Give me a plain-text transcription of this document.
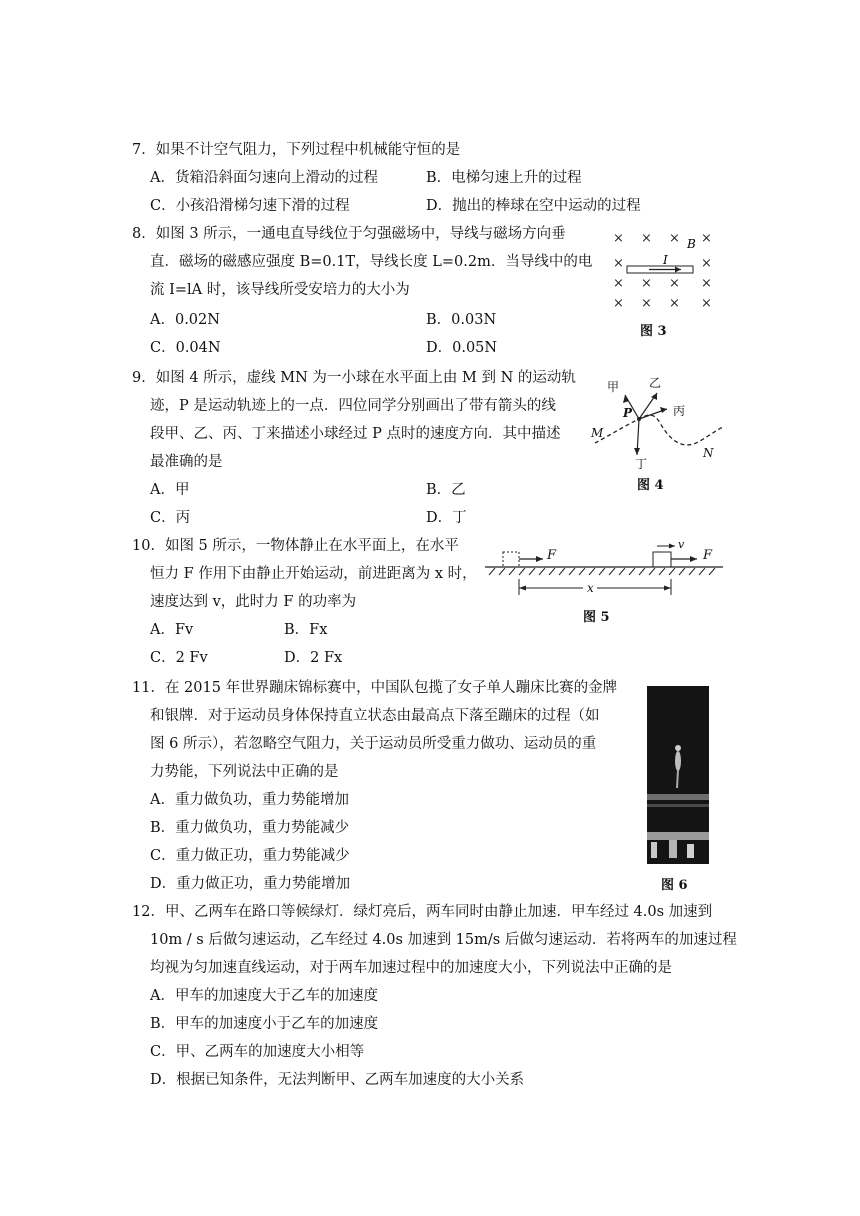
7．如果不计空气阻力，下列过程中机械能守恒的是
A．货箱沿斜面匀速向上滑动的过程	B．电梯匀速上升的过程
C．小孩沿滑梯匀速下滑的过程	D．抛出的棒球在空中运动的过程
8．如图 3 所示，一通电直导线位于匀强磁场中，导线与磁场方向垂
直．磁场的磁感应强度 B=0.1T，导线长度 L=0.2m．当导线中的电
流 I=lA 时，该导线所受安培力的大小为
A．0.02N	B．0.03N
C．0.04N	D．0.05N
× × × ×
×	×
× × × ×
× × × ×
B
I
图 3
9．如图 4 所示，虚线 MN 为一小球在水平面上由 M 到 N 的运动轨
迹，P 是运动轨迹上的一点．四位同学分别画出了带有箭头的线
段甲、乙、丙、丁来描述小球经过 P 点时的速度方向．其中描述
最准确的是
A．甲	B．乙
C．丙	D．丁
甲 乙
丙
丁
P
M
N
图 4
10．如图 5 所示，一物体静止在水平面上，在水平
恒力 F 作用下由静止开始运动，前进距离为 x 时，
速度达到 v，此时力 F 的功率为
A．Fv	B．Fx
C．2 Fv	D．2 Fx
F	F
v
x
图 5
11．在 2015 年世界蹦床锦标赛中，中国队包揽了女子单人蹦床比赛的金牌
和银牌．对于运动员身体保持直立状态由最高点下落至蹦床的过程（如
图 6 所示），若忽略空气阻力，关于运动员所受重力做功、运动员的重
力势能，下列说法中正确的是
A．重力做负功，重力势能增加
B．重力做负功，重力势能减少
C．重力做正功，重力势能减少
D．重力做正功，重力势能增加	图 6
12．甲、乙两车在路口等候绿灯．绿灯亮后，两车同时由静止加速．甲车经过 4.0s 加速到
10m / s 后做匀速运动，乙车经过 4.0s 加速到 15m/s 后做匀速运动．若将两车的加速过程
均视为匀加速直线运动，对于两车加速过程中的加速度大小，下列说法中正确的是
A．甲车的加速度大于乙车的加速度
B．甲车的加速度小于乙车的加速度
C．甲、乙两车的加速度大小相等
D．根据已知条件，无法判断甲、乙两车加速度的大小关系
